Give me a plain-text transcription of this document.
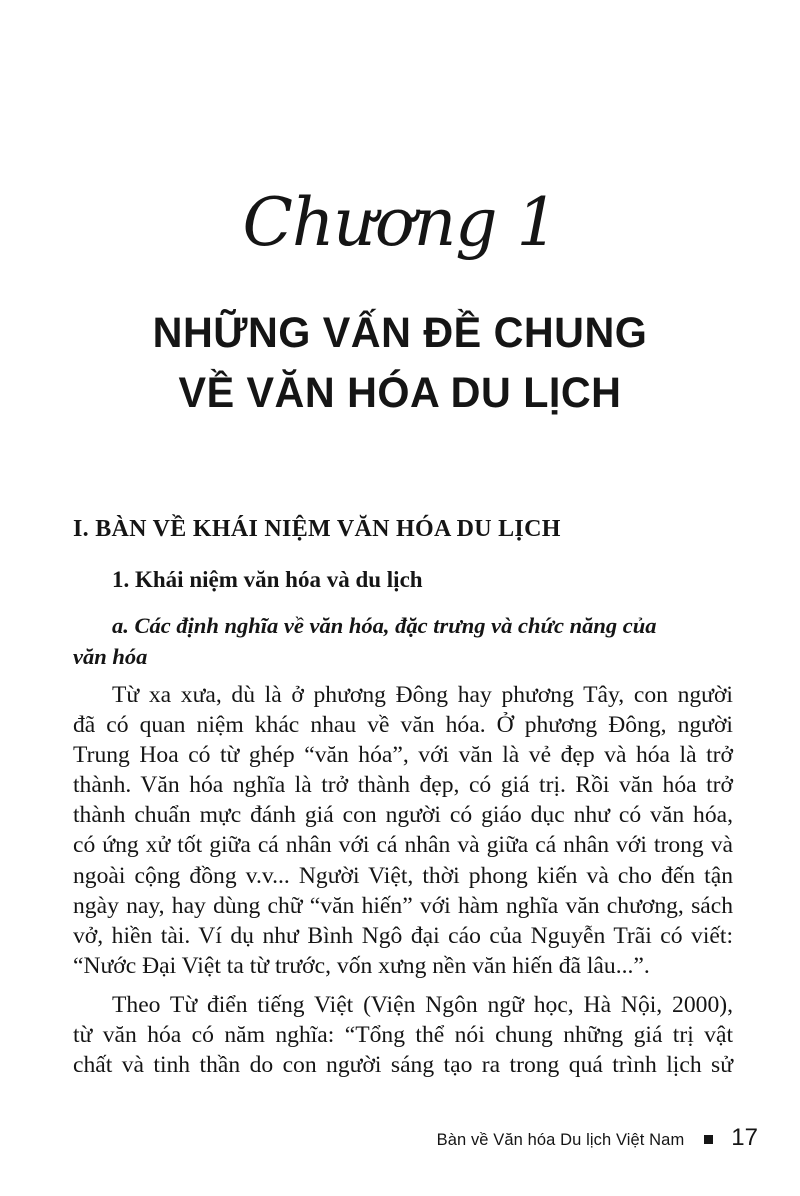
Chương 1
NHỮNG VẤN ĐỀ CHUNG
VỀ VĂN HÓA DU LỊCH
I. BÀN VỀ KHÁI NIỆM VĂN HÓA DU LỊCH
1. Khái niệm văn hóa và du lịch
a. Các định nghĩa về văn hóa, đặc trưng và chức năng của
văn hóa
Từ xa xưa, dù là ở phương Đông hay phương Tây, con người
đã có quan niệm khác nhau về văn hóa. Ở phương Đông, người
Trung Hoa có từ ghép “văn hóa”, với văn là vẻ đẹp và hóa là trở
thành. Văn hóa nghĩa là trở thành đẹp, có giá trị. Rồi văn hóa trở
thành chuẩn mực đánh giá con người có giáo dục như có văn hóa,
có ứng xử tốt giữa cá nhân với cá nhân và giữa cá nhân với trong và
ngoài cộng đồng v.v... Người Việt, thời phong kiến và cho đến tận
ngày nay, hay dùng chữ “văn hiến” với hàm nghĩa văn chương, sách
vở, hiền tài. Ví dụ như Bình Ngô đại cáo của Nguyễn Trãi có viết:
“Nước Đại Việt ta từ trước, vốn xưng nền văn hiến đã lâu...”.
Theo Từ điển tiếng Việt (Viện Ngôn ngữ học, Hà Nội, 2000),
từ văn hóa có năm nghĩa: “Tổng thể nói chung những giá trị vật
chất và tinh thần do con người sáng tạo ra trong quá trình lịch sử
Bàn về Văn hóa Du lịch Việt Nam 17
